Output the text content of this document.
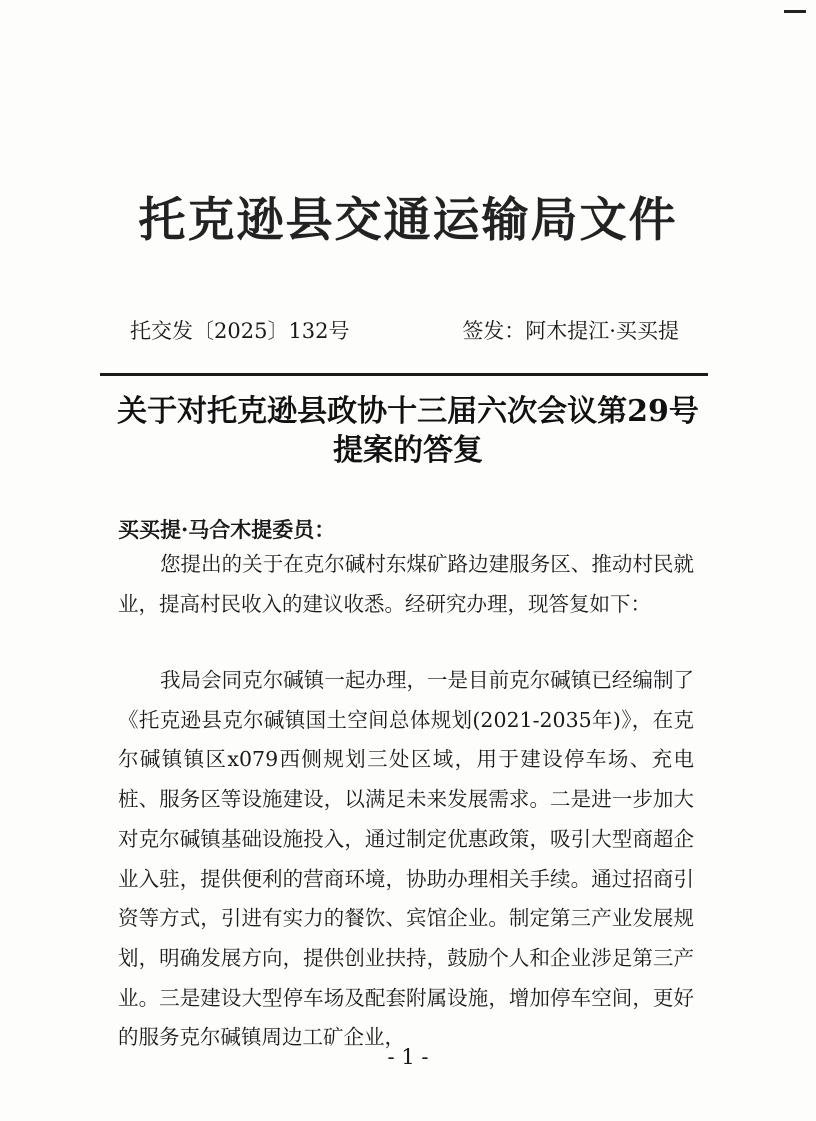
托克逊县交通运输局文件
托交发〔2025〕132号	签发：阿木提江·买买提
关于对托克逊县政协十三届六次会议第29号提案的答复
买买提·马合木提委员：

您提出的关于在克尔碱村东煤矿路边建服务区、推动村民就业，提高村民收入的建议收悉。经研究办理，现答复如下：

我局会同克尔碱镇一起办理，一是目前克尔碱镇已经编制了《托克逊县克尔碱镇国土空间总体规划(2021-2035年)》，在克尔碱镇镇区x079西侧规划三处区域，用于建设停车场、充电桩、服务区等设施建设，以满足未来发展需求。二是进一步加大对克尔碱镇基础设施投入，通过制定优惠政策，吸引大型商超企业入驻，提供便利的营商环境，协助办理相关手续。通过招商引资等方式，引进有实力的餐饮、宾馆企业。制定第三产业发展规划，明确发展方向，提供创业扶持，鼓励个人和企业涉足第三产业。三是建设大型停车场及配套附属设施，增加停车空间，更好的服务克尔碱镇周边工矿企业，

- 1 -
